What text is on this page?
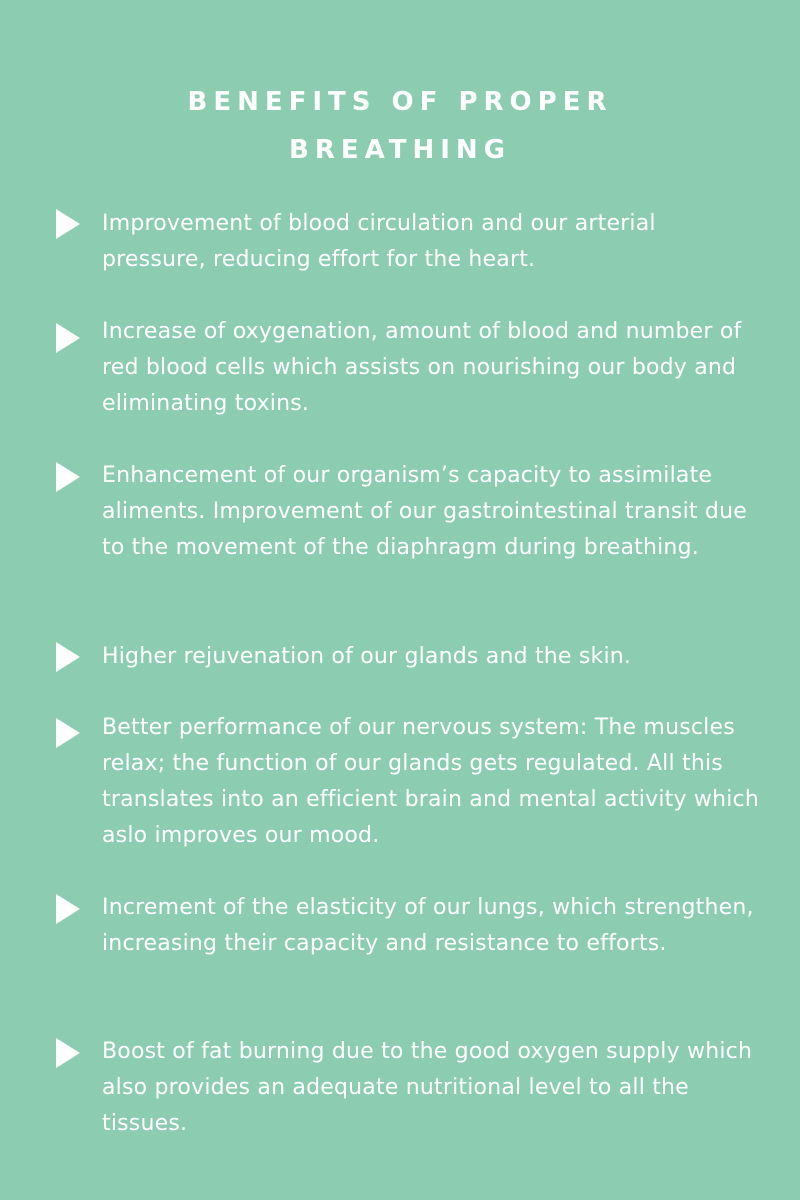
BENEFITS OF PROPER
BREATHING

Improvement of blood circulation and our arterial pressure, reducing effort for the heart.

Increase of oxygenation, amount of blood and number of red blood cells which assists on nourishing our body and eliminating toxins.

Enhancement of our organism’s capacity to assimilate aliments. Improvement of our gastrointestinal transit due to the movement of the diaphragm during breathing.

Higher rejuvenation of our glands and the skin.

Better performance of our nervous system: The muscles relax; the function of our glands gets regulated. All this translates into an efficient brain and mental activity which aslo improves our mood.

Increment of the elasticity of our lungs, which strengthen, increasing their capacity and resistance to efforts.

Boost of fat burning due to the good oxygen supply which also provides an adequate nutritional level to all the tissues.
